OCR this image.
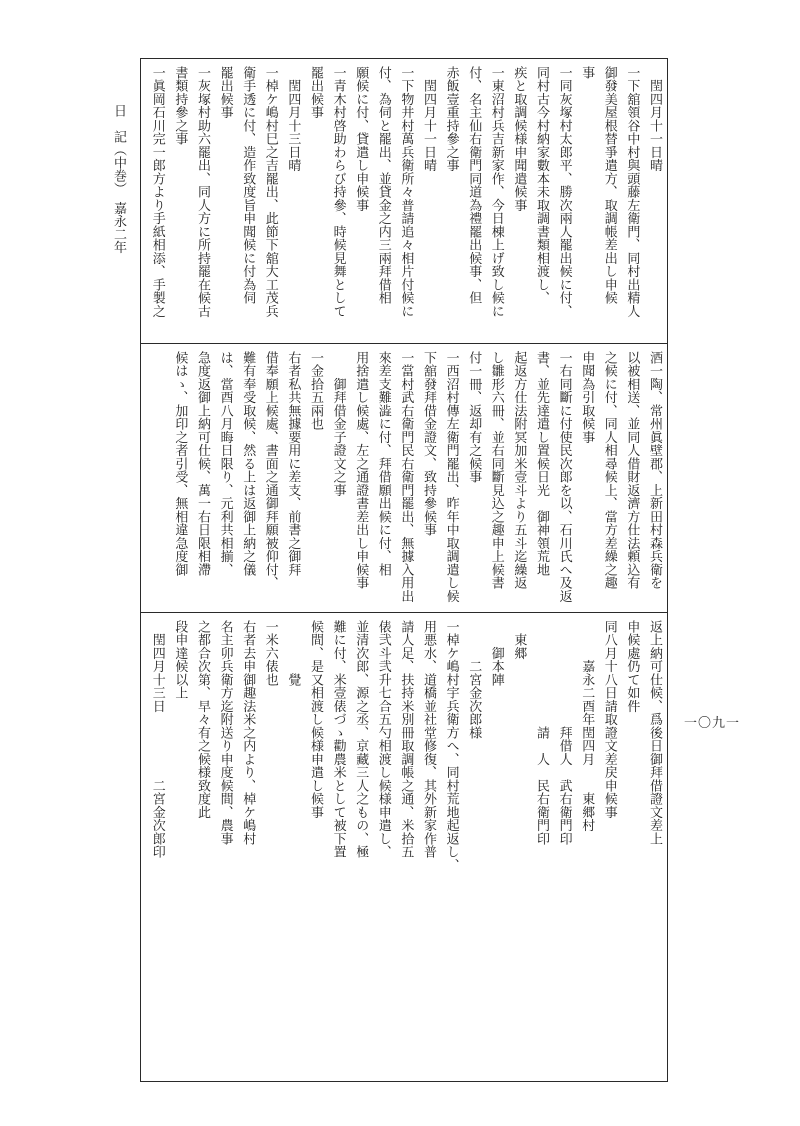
　閏四月十一日晴
一下舘領谷中村與頭藤左衛門、同村出精人
御發美屋根替爭遣方、取調帳差出し申候
事
一同灰塚村太郎平、勝次兩人罷出候に付、
同村古今村納家數本未取調書類相渡し、
疾と取調候様申聞遣候事
一東沼村兵吉新家作、今日棟上げ致し候に
付、名主仙右衛門同道為禮罷出候事、但
赤飯壹重持參之事
　閏四月十一日晴
一下物井村萬兵衛所々普請追々相片付候に
付、為伺と罷出、並貸金之内三兩拜借相
願候に付、貸遣し申候事
一青木村啓助わらび持參、時候見舞として
罷出候事
　閏四月十三日晴
一棹ケ嶋村巳之吉罷出、此節下舘大工茂兵
衛手透に付、造作致度旨申聞候に付為伺
罷出候事
一灰塚村助六罷出、同人方に所持罷在候古
書類持參之事
一眞岡石川完一郎方より手紙相添、手製之
酒一陶、常州眞壁郡、上新田村森兵衛を
以被相送、並同人借財返濟方仕法頼込有
之候に付、同人相尋候上、當方差繰之趣
申聞為引取候事
一右同斷に付使民次郎を以、石川氏へ及返
書、並先達遣し置候日光　御神領荒地
起返方仕法附冥加米壹斗より五斗迄繰返
し雛形六冊、並右同斷見込之趣申上候書
付一冊、返却有之候事
一西沼村傳左衛門罷出、昨年中取調遣し候
下舘發拜借金證文、致持參候事
一當村武右衛門民右衛門罷出、無據入用出
來差支難澁に付、拜借願出候に付、相
用捨遣し候處、左之通證書差出し申候事
　　御拜借金子證文之事
一金拾五兩也
右者私共無據要用に差支、前書之御拜
借奉願上候處、書面之通御拜願被仰付、
難有奉受取候、然る上は返御上納之儀
は、當酉八月晦日限り、元利共相揃、
急度返御上納可仕候、萬一右日限相滯
候はゝ、加印之者引受、無相違急度御
返上納可仕候、爲後日御拜借證文差上
申候處仍て如件
同八月十八日請取證文差戻申候事
　　　嘉永二酉年閏四月　　東郷村
　　　　　　　　拜借人　武右衛門印
　　　　　　　　請　人　民右衛門印
　東郷
　　御本陣
　　　二宮金次郎様
一棹ケ嶋村宇兵衛方へ、同村荒地起返し、
用悪水、道橋並社堂修復、其外新家作普
請人足、扶持米別冊取調帳之通、米拾五
俵弐斗弐升七合五勺相渡し候様申遣し、
並清次郎、源之丞、京藏三人之もの、極
難に付、米壹俵づゝ勸農米として被下置
候間、是又相渡し候様申遣し候事
　　　　覺
一米六俵也
右者去申御趣法米之内より、棹ケ嶋村
名主卯兵衛方迄附送り申度候間、農事
之都合次第、早々有之候様致度此
段申達候以上
　閏四月十三日　　　　　二宮金次郎印
日　記（中巻）　嘉永二年
一〇九一
